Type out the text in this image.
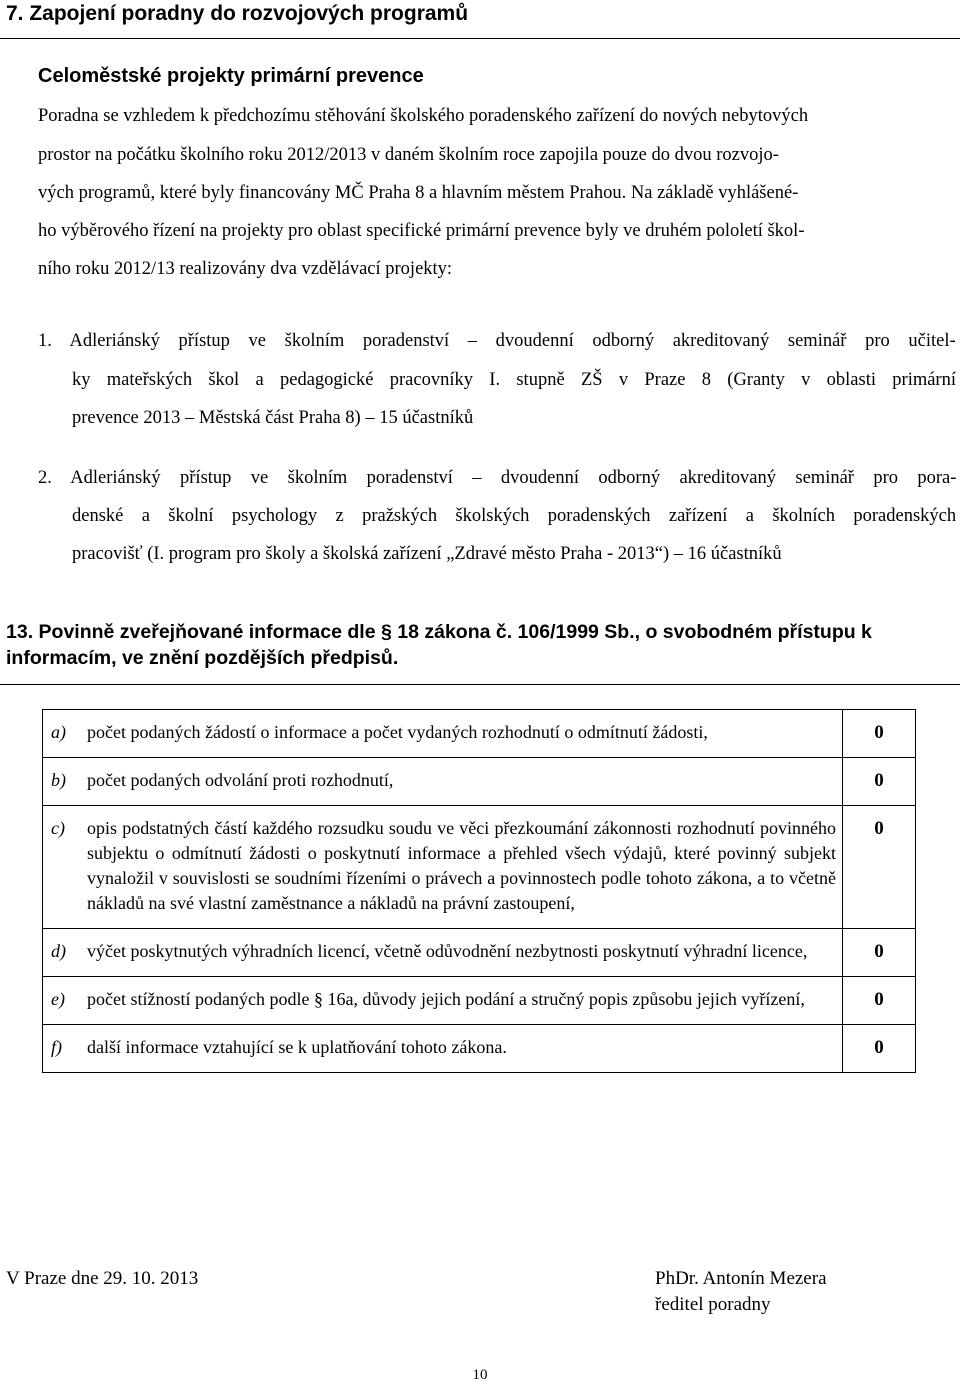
7. Zapojení poradny do rozvojových programů
Celoměstské projekty primární prevence
Poradna se vzhledem k předchozímu stěhování školského poradenského zařízení do nových nebytových
prostor na počátku školního roku 2012/2013 v daném školním roce zapojila pouze do dvou rozvojo-
vých programů, které byly financovány MČ Praha 8 a hlavním městem Prahou. Na základě vyhlášené-
ho výběrového řízení na projekty pro oblast specifické primární prevence byly ve druhém pololetí škol-
ního roku 2012/13 realizovány dva vzdělávací projekty:
1. Adleriánský přístup ve školním poradenství – dvoudenní odborný akreditovaný seminář pro učitel-
ky mateřských škol a pedagogické pracovníky I. stupně ZŠ v Praze 8 (Granty v oblasti primární
prevence 2013 – Městská část Praha 8) – 15 účastníků
2. Adleriánský přístup ve školním poradenství – dvoudenní odborný akreditovaný seminář pro pora-
denské a školní psychology z pražských školských poradenských zařízení a školních poradenských
pracovišť (I. program pro školy a školská zařízení „Zdravé město Praha - 2013“) – 16 účastníků
13. Povinně zveřejňované informace dle § 18 zákona č. 106/1999 Sb., o svobodném přístupu k informacím, ve znění pozdějších předpisů.
a) počet podaných žádostí o informace a počet vydaných rozhodnutí o odmítnutí žádosti,	0

b) počet podaných odvolání proti rozhodnutí,	0

c) opis podstatných částí každého rozsudku soudu ve věci přezkoumání zákonnosti rozhodnutí povinného subjektu o odmítnutí žádosti o poskytnutí informace a přehled všech výdajů, které povinný subjekt vynaložil v souvislosti se soudními řízeními o právech a povinnostech podle tohoto zákona, a to včetně nákladů na své vlastní zaměstnance a nákladů na právní zastoupení,	0

d) výčet poskytnutých výhradních licencí, včetně odůvodnění nezbytnosti poskytnutí výhradní licence,	0

e) počet stížností podaných podle § 16a, důvody jejich podání a stručný popis způsobu jejich vyřízení,	0

f) další informace vztahující se k uplatňování tohoto zákona.	0
V Praze dne 29. 10. 2013	PhDr. Antonín Mezera
ředitel poradny
10
